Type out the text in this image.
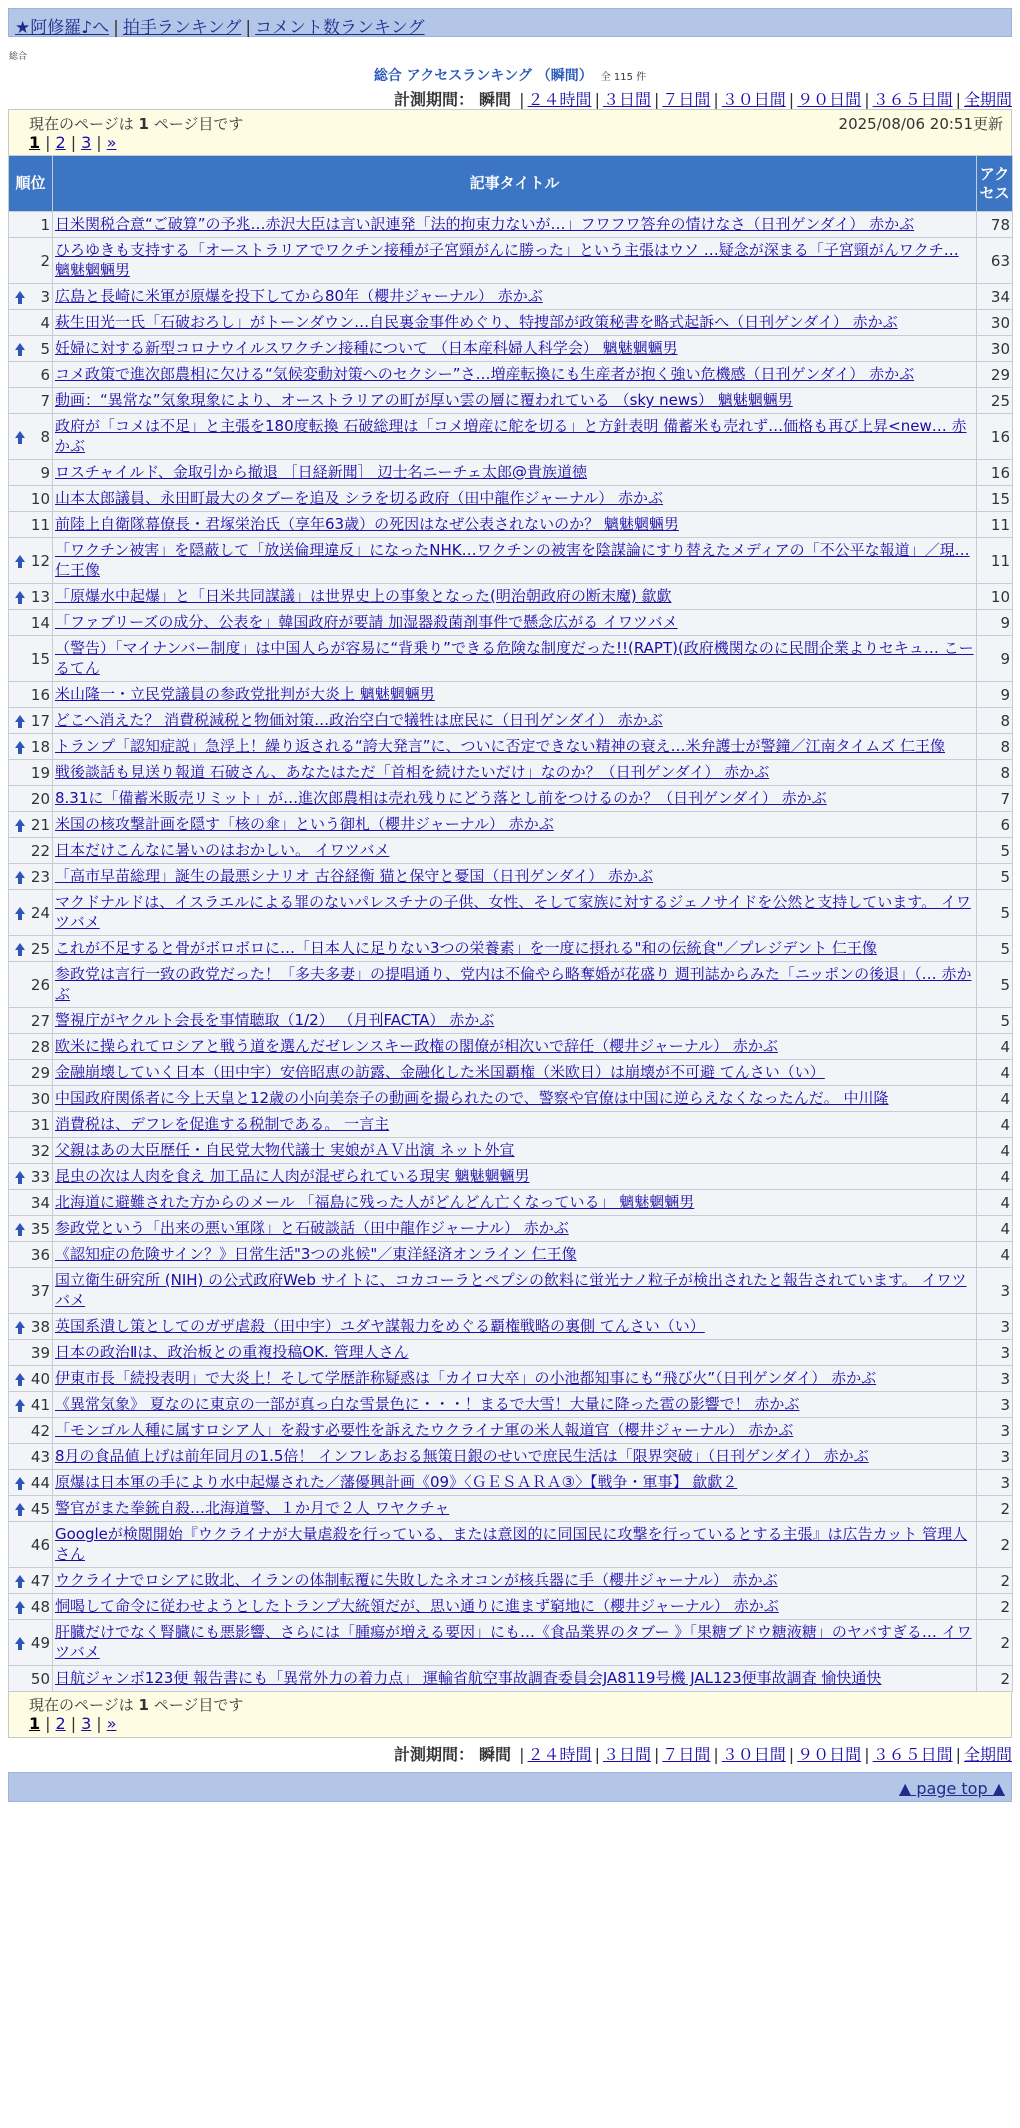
★阿修羅♪へ | 拍手ランキング | コメント数ランキング
総合
総合 アクセスランキング （瞬間） 全 115 件
計測期間： 瞬間 | ２４時間 | ３日間 | ７日間 | ３０日間 | ９０日間 | ３６５日間 | 全期間
現在のページは 1 ページ目です	2025/08/06 20:51更新
1 | 2 | 3 | »
順位	記事タイトル	アクセス
1	日米関税合意“ご破算”の予兆…赤沢大臣は言い訳連発「法的拘束力ないが…」フワフワ答弁の情けなさ（日刊ゲンダイ） 赤かぶ	78
2	ひろゆきも支持する「オーストラリアでワクチン接種が子宮頸がんに勝った」という主張はウソ …疑念が深まる「子宮頸がんワクチ… 魑魅魍魎男	63

3	広島と長崎に米軍が原爆を投下してから80年（櫻井ジャーナル） 赤かぶ	34
4	萩生田光一氏「石破おろし」がトーンダウン…自民裏金事件めぐり、特捜部が政策秘書を略式起訴へ（日刊ゲンダイ） 赤かぶ	30

5	妊婦に対する新型コロナウイルスワクチン接種について （日本産科婦人科学会） 魑魅魍魎男	30
6	コメ政策で進次郎農相に欠ける“気候変動対策へのセクシー”さ…増産転換にも生産者が抱く強い危機感（日刊ゲンダイ） 赤かぶ	29
7	動画：“異常な”気象現象により、オーストラリアの町が厚い雲の層に覆われている （sky news） 魑魅魍魎男	25

8	政府が「コメは不足」と主張を180度転換 石破総理は「コメ増産に舵を切る」と方針表明 備蓄米も売れず…価格も再び上昇<new… 赤かぶ	16
9	ロスチャイルド、金取引から撤退 ［日経新聞］ 辺士名ニーチェ太郎@貴族道徳	16
10	山本太郎議員、永田町最大のタブーを追及 シラを切る政府（田中龍作ジャーナル） 赤かぶ	15
11	前陸上自衛隊幕僚長・君塚栄治氏（享年63歳）の死因はなぜ公表されないのか？ 魑魅魍魎男	11

12	「ワクチン被害」を隠蔽して「放送倫理違反」になったNHK…ワクチンの被害を陰謀論にすり替えたメディアの「不公平な報道」／現… 仁王像	11

13	「原爆水中起爆」と「日米共同謀議」は世界史上の事象となった(明治朝政府の断末魔) 歙歔	10
14	「ファブリーズの成分、公表を」韓国政府が要請 加湿器殺菌剤事件で懸念広がる イワツバメ	9
15	（警告）「マイナンバー制度」は中国人らが容易に“背乗り”できる危険な制度だった!!(RAPT)(政府機関なのに民間企業よりセキュ… こーるてん	9
16	米山隆一・立民党議員の参政党批判が大炎上 魑魅魍魎男	9

17	どこへ消えた？ 消費税減税と物価対策…政治空白で犠牲は庶民に（日刊ゲンダイ） 赤かぶ	8

18	トランプ「認知症説」急浮上！繰り返される“誇大発言”に、ついに否定できない精神の衰え…米弁護士が警鐘／江南タイムズ 仁王像	8
19	戦後談話も見送り報道 石破さん、あなたはただ「首相を続けたいだけ」なのか？（日刊ゲンダイ） 赤かぶ	8
20	8.31に「備蓄米販売リミット」が…進次郎農相は売れ残りにどう落とし前をつけるのか？（日刊ゲンダイ） 赤かぶ	7

21	米国の核攻撃計画を隠す「核の傘」という御札（櫻井ジャーナル） 赤かぶ	6
22	日本だけこんなに暑いのはおかしい。 イワツバメ	5

23	「高市早苗総理」誕生の最悪シナリオ 古谷経衡 猫と保守と憂国（日刊ゲンダイ） 赤かぶ	5

24	マクドナルドは、イスラエルによる罪のないパレスチナの子供、女性、そして家族に対するジェノサイドを公然と支持しています。 イワツバメ	5

25	これが不足すると骨がボロボロに…「日本人に足りない3つの栄養素」を一度に摂れる"和の伝統食"／プレジデント 仁王像	5
26	参政党は言行一致の政党だった！「多夫多妻」の提唱通り、党内は不倫やら略奪婚が花盛り 週刊誌からみた「ニッポンの後退」（… 赤かぶ	5
27	警視庁がヤクルト会長を事情聴取（1/2） （月刊FACTA） 赤かぶ	5
28	欧米に操られてロシアと戦う道を選んだゼレンスキー政権の閣僚が相次いで辞任（櫻井ジャーナル） 赤かぶ	4
29	金融崩壊していく日本（田中宇）安倍昭恵の訪露、金融化した米国覇権（米欧日）は崩壊が不可避 てんさい（い）	4
30	中国政府関係者に今上天皇と12歳の小向美奈子の動画を撮られたので、警察や官僚は中国に逆らえなくなったんだ。 中川隆	4
31	消費税は、デフレを促進する税制である。 一言主	4
32	父親はあの大臣歴任・自民党大物代議士 実娘がＡＶ出演 ネット外宣	4

33	昆虫の次は人肉を食え 加工品に人肉が混ぜられている現実 魑魅魍魎男	4
34	北海道に避難された方からのメール 「福島に残った人がどんどん亡くなっている」 魑魅魍魎男	4

35	参政党という「出来の悪い軍隊」と石破談話（田中龍作ジャーナル） 赤かぶ	4
36	《認知症の危険サイン？》日常生活"3つの兆候"／東洋経済オンライン 仁王像	4
37	国立衛生研究所 (NIH) の公式政府Web サイトに、コカコーラとペプシの飲料に蛍光ナノ粒子が検出されたと報告されています。 イワツバメ	3

38	英国系潰し策としてのガザ虐殺（田中宇）ユダヤ謀報力をめぐる覇権戦略の裏側 てんさい（い）	3
39	日本の政治Ⅱは、政治板との重複投稿OK. 管理人さん	3

40	伊東市長「続投表明」で大炎上！そして学歴詐称疑惑は「カイロ大卒」の小池都知事にも“飛び火”（日刊ゲンダイ） 赤かぶ	3

41	《異常気象》 夏なのに東京の一部が真っ白な雪景色に・・・！まるで大雪！大量に降った雹の影響で！ 赤かぶ	3
42	「モンゴル人種に属すロシア人」を殺す必要性を訴えたウクライナ軍の米人報道官（櫻井ジャーナル） 赤かぶ	3
43	8月の食品値上げは前年同月の1.5倍！ インフレあおる無策日銀のせいで庶民生活は「限界突破」（日刊ゲンダイ） 赤かぶ	3

44	原爆は日本軍の手により水中起爆された／藩優興計画《09》〈ＧＥＳＡＲＡ③〉【戦争・軍事】 歙歔２	3

45	警官がまた拳銃自殺…北海道警、１か月で２人 ワヤクチャ	2
46	Googleが検閲開始『ウクライナが大量虐殺を行っている、または意図的に同国民に攻撃を行っているとする主張』は広告カット 管理人さん	2

47	ウクライナでロシアに敗北、イランの体制転覆に失敗したネオコンが核兵器に手（櫻井ジャーナル） 赤かぶ	2

48	恫喝して命令に従わせようとしたトランプ大統領だが、思い通りに進まず窮地に（櫻井ジャーナル） 赤かぶ	2

49	肝臓だけでなく腎臓にも悪影響、さらには「腫瘍が増える要因」にも…《食品業界のタブー 》「果糖ブドウ糖液糖」のヤバすぎる… イワツバメ	2
50	日航ジャンボ123便 報告書にも「異常外力の着力点」 運輸省航空事故調査委員会JA8119号機 JAL123便事故調査 愉快通快	2
現在のページは 1 ページ目です
1 | 2 | 3 | »
計測期間： 瞬間 | ２４時間 | ３日間 | ７日間 | ３０日間 | ９０日間 | ３６５日間 | 全期間
▲ page top ▲
